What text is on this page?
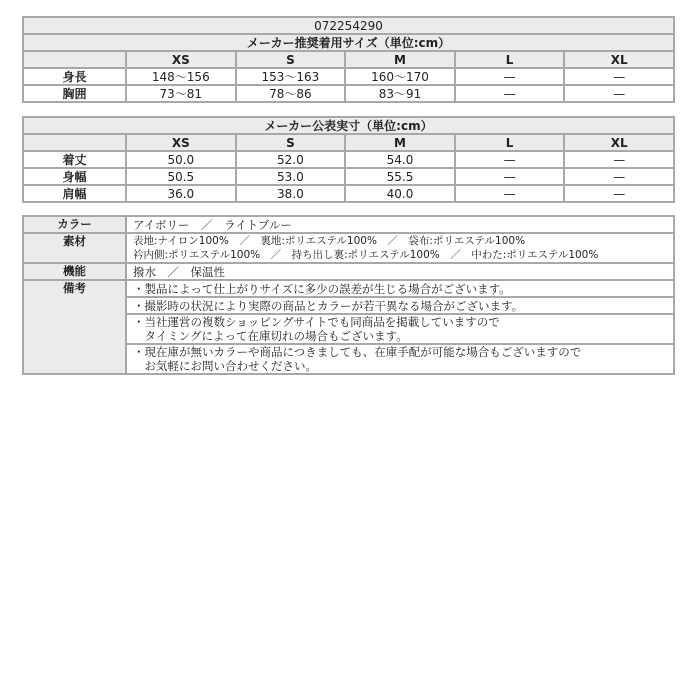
072254290					
メーカー推奨着用サイズ（単位:cm）					
	XS	S	M	L	XL
身長	148～156	153～163	160～170	—	—
胸囲	73～81	78～86	83～91	—	—
メーカー公表実寸（単位:cm）					
	XS	S	M	L	XL
着丈	50.0	52.0	54.0	—	—
身幅	50.5	53.0	55.5	—	—
肩幅	36.0	38.0	40.0	—	—
カラー	アイボリー　／　ライトブルー
素材	表地:ナイロン100%　／　裏地:ポリエステル100%　／　袋布:ポリエステル100%
衿内側:ポリエステル100%　／　持ち出し裏:ポリエステル100%　／　中わた:ポリエステル100%

機能	撥水　／　保温性
備考	・製品によって仕上がりサイズに多少の誤差が生じる場合がございます。

	・撮影時の状況により実際の商品とカラーが若干異なる場合がございます。

	・当社運営の複数ショッピングサイトでも同商品を掲載していますので
　タイミングによって在庫切れの場合もございます。

	・現在庫が無いカラーや商品につきましても、在庫手配が可能な場合もございますので
　お気軽にお問い合わせください。
